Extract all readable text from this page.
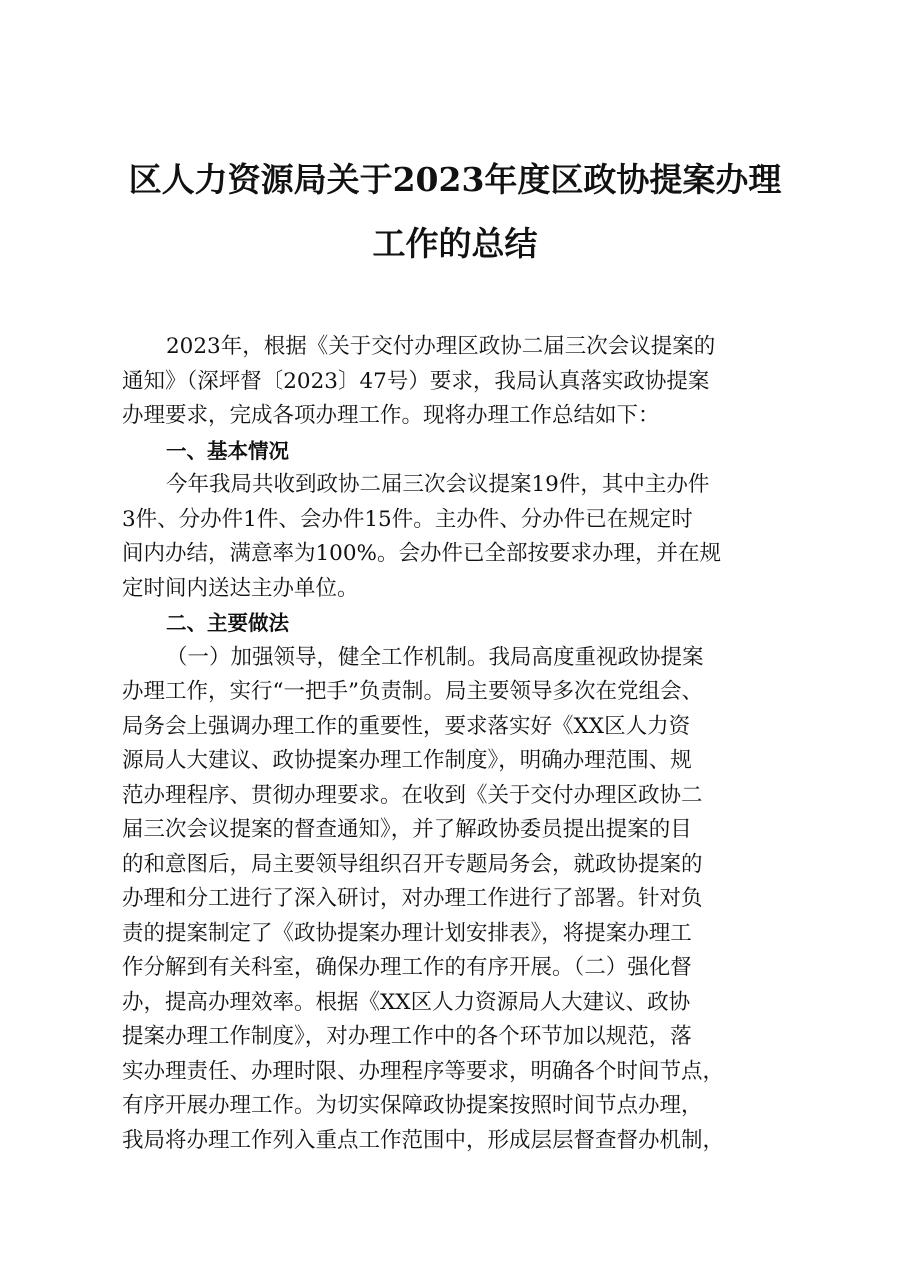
区人力资源局关于2023年度区政协提案办理
工作的总结
2023年，根据《关于交付办理区政协二届三次会议提案的
通知》（深坪督〔2023〕47号）要求，我局认真落实政协提案
办理要求，完成各项办理工作。现将办理工作总结如下：
一、基本情况
今年我局共收到政协二届三次会议提案19件，其中主办件
3件、分办件1件、会办件15件。主办件、分办件已在规定时
间内办结，满意率为100%。会办件已全部按要求办理，并在规
定时间内送达主办单位。
二、主要做法
（一）加强领导，健全工作机制。我局高度重视政协提案
办理工作，实行“一把手”负责制。局主要领导多次在党组会、
局务会上强调办理工作的重要性，要求落实好《XX区人力资
源局人大建议、政协提案办理工作制度》，明确办理范围、规
范办理程序、贯彻办理要求。在收到《关于交付办理区政协二
届三次会议提案的督查通知》，并了解政协委员提出提案的目
的和意图后，局主要领导组织召开专题局务会，就政协提案的
办理和分工进行了深入研讨，对办理工作进行了部署。针对负
责的提案制定了《政协提案办理计划安排表》，将提案办理工
作分解到有关科室，确保办理工作的有序开展。（二）强化督
办，提高办理效率。根据《XX区人力资源局人大建议、政协
提案办理工作制度》，对办理工作中的各个环节加以规范，落
实办理责任、办理时限、办理程序等要求，明确各个时间节点，
有序开展办理工作。为切实保障政协提案按照时间节点办理，
我局将办理工作列入重点工作范围中，形成层层督查督办机制，
